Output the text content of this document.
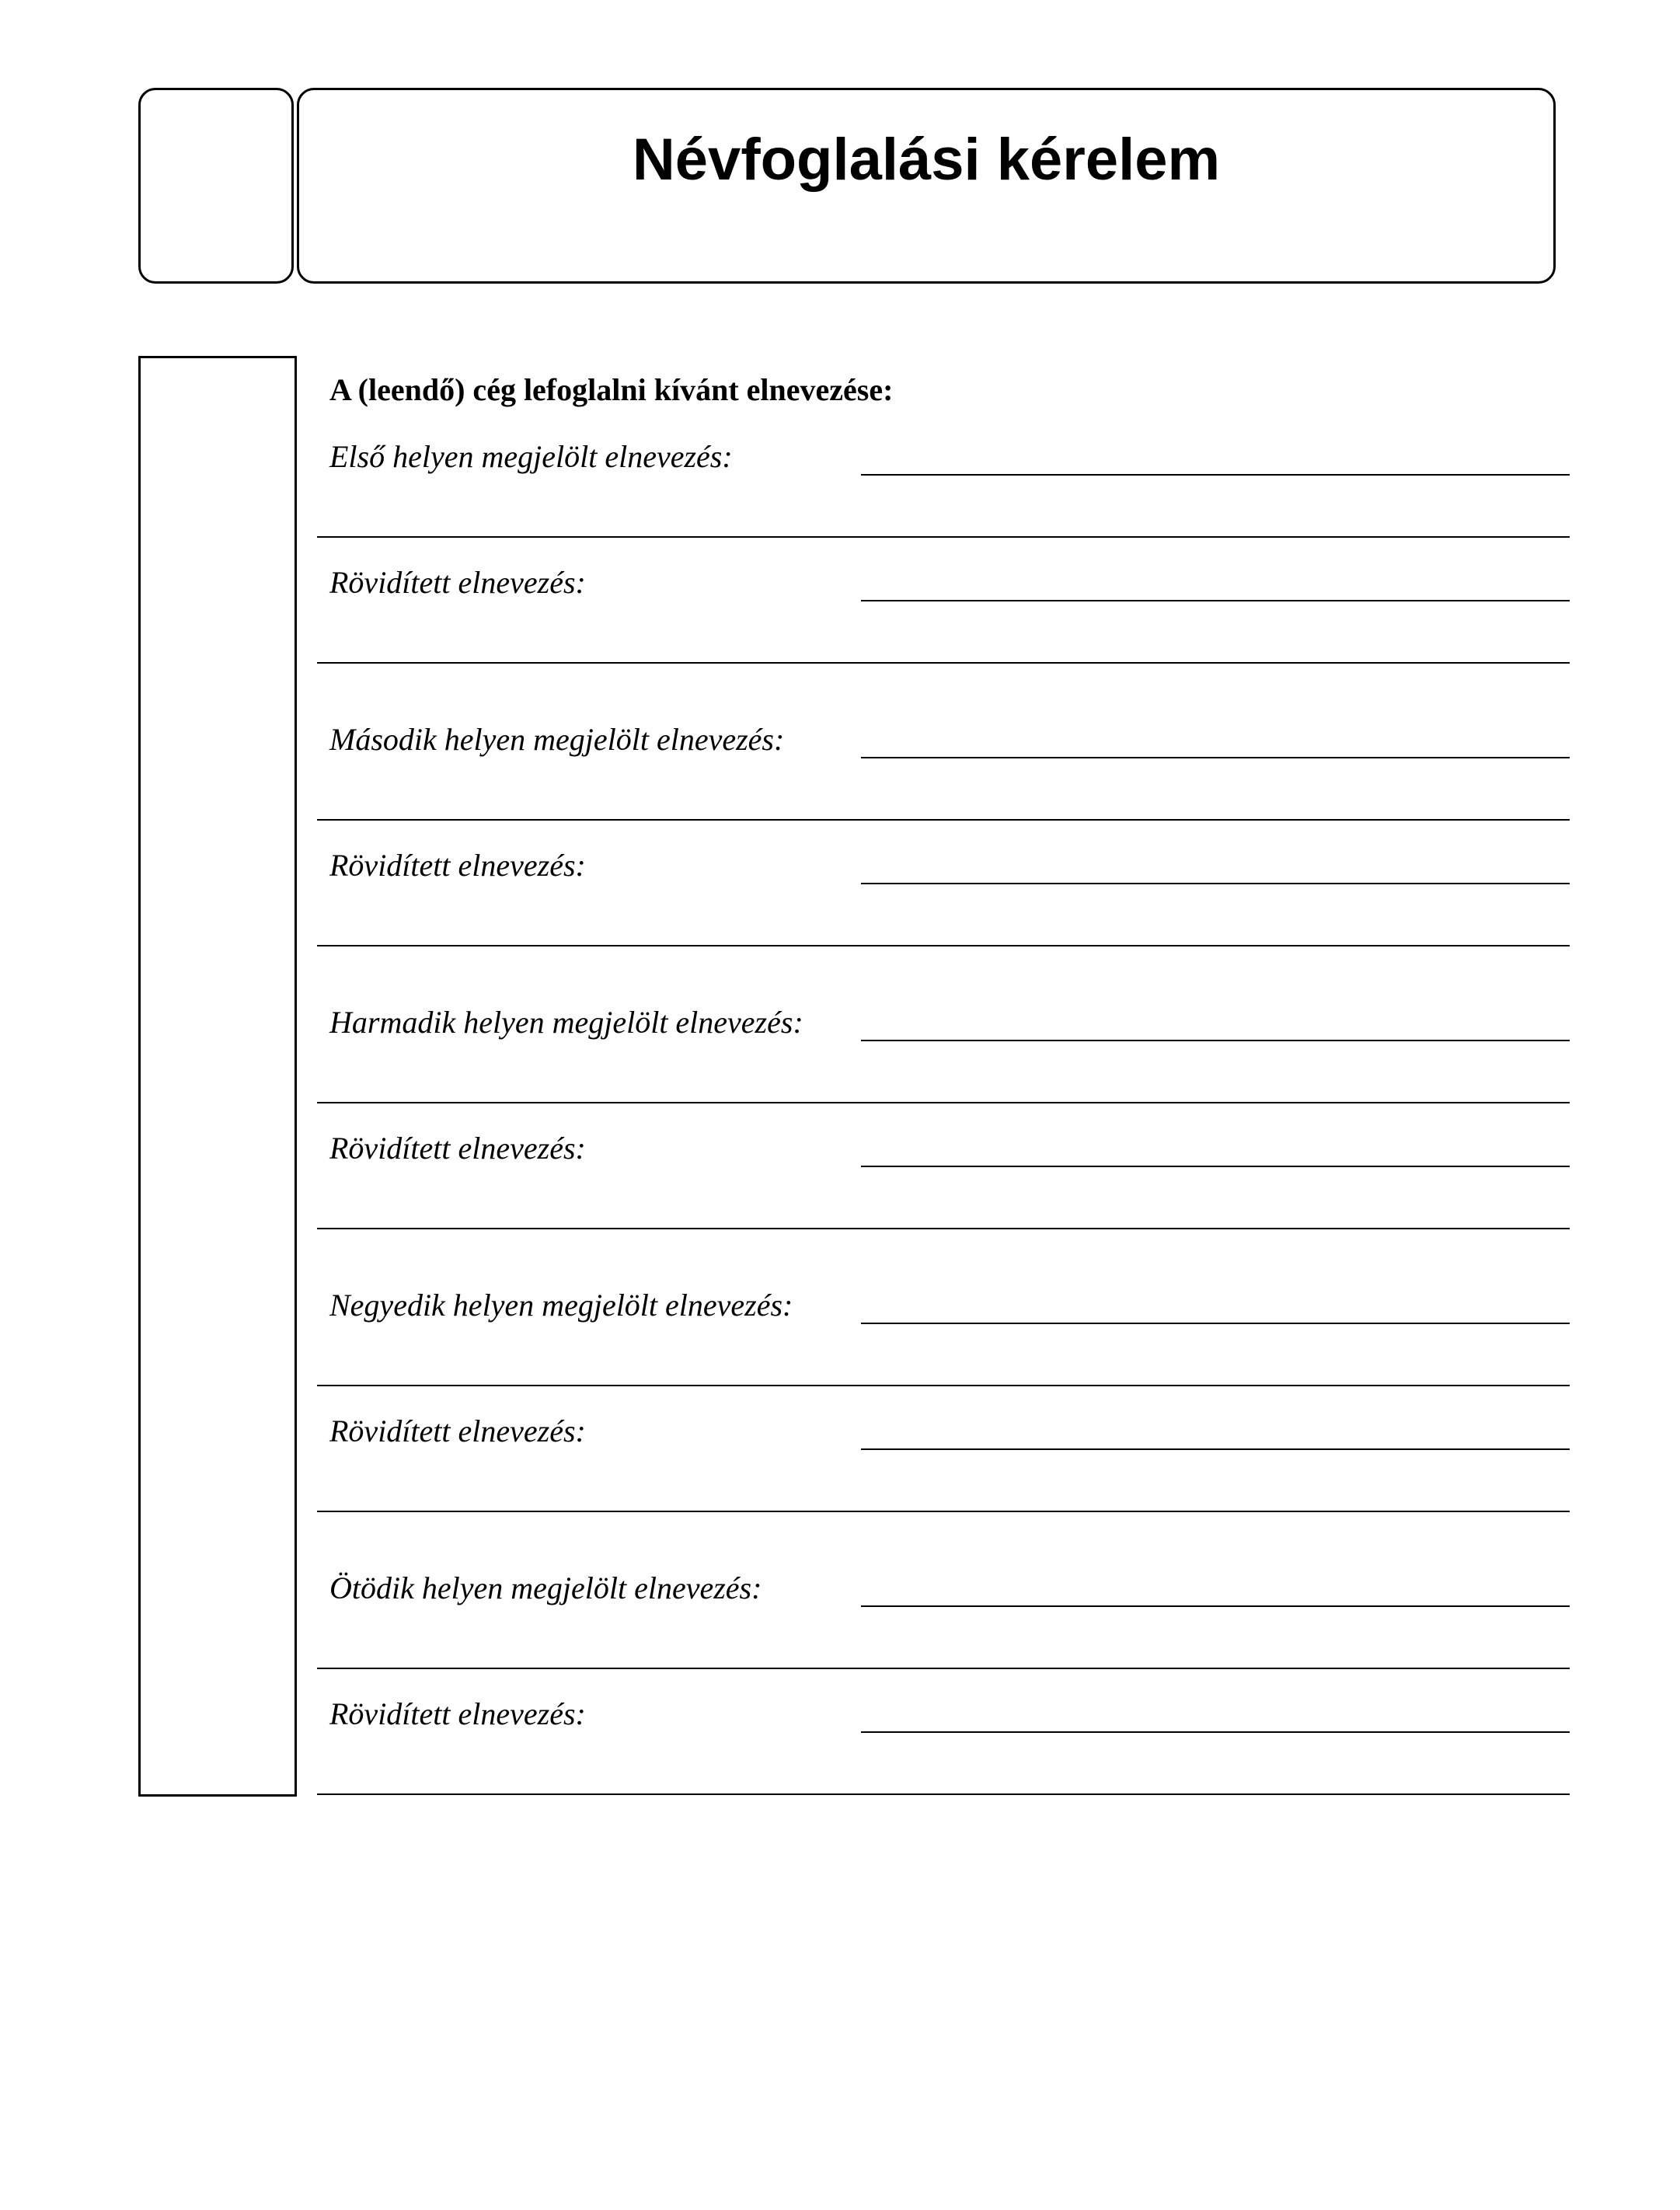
Névfoglalási kérelem
A (leendő) cég lefoglalni kívánt elnevezése:
Első helyen megjelölt elnevezés:
Rövidített elnevezés:
Második helyen megjelölt elnevezés:
Rövidített elnevezés:
Harmadik helyen megjelölt elnevezés:
Rövidített elnevezés:
Negyedik helyen megjelölt elnevezés:
Rövidített elnevezés:
Ötödik helyen megjelölt elnevezés:
Rövidített elnevezés:
